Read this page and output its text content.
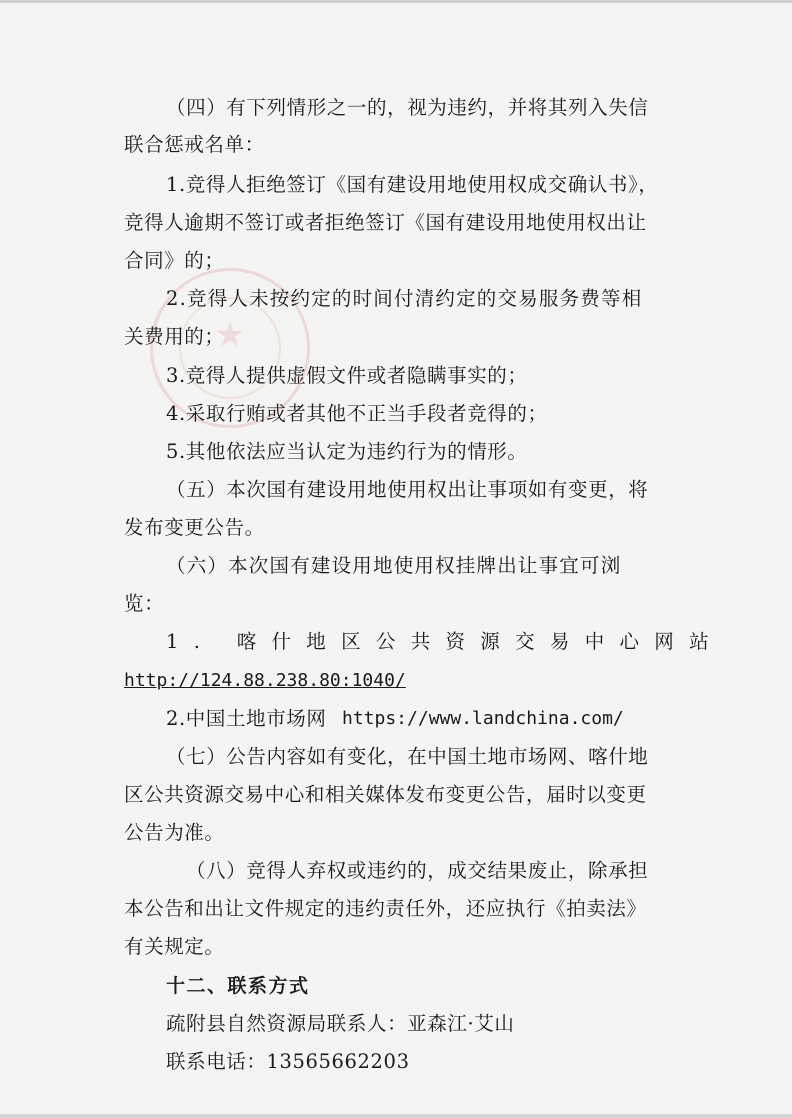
★
（四）有下列情形之一的，视为违约，并将其列入失信
联合惩戒名单：
1.竞得人拒绝签订《国有建设用地使用权成交确认书》，
竞得人逾期不签订或者拒绝签订《国有建设用地使用权出让
合同》的；
2.竞得人未按约定的时间付清约定的交易服务费等相
关费用的；
3.竞得人提供虚假文件或者隐瞒事实的；
4.采取行贿或者其他不正当手段者竞得的；
5.其他依法应当认定为违约行为的情形。
（五）本次国有建设用地使用权出让事项如有变更，将
发布变更公告。
（六）本次国有建设用地使用权挂牌出让事宜可浏
览：
1. 喀什地区公共资源交易中心网站
http://124.88.238.80:1040/
2.中国土地市场网 https://www.landchina.com/
（七）公告内容如有变化，在中国土地市场网、喀什地
区公共资源交易中心和相关媒体发布变更公告，届时以变更
公告为准。
（八）竞得人弃权或违约的，成交结果废止，除承担
本公告和出让文件规定的违约责任外，还应执行《拍卖法》
有关规定。
十二、联系方式
疏附县自然资源局联系人：亚森江·艾山
联系电话：13565662203
